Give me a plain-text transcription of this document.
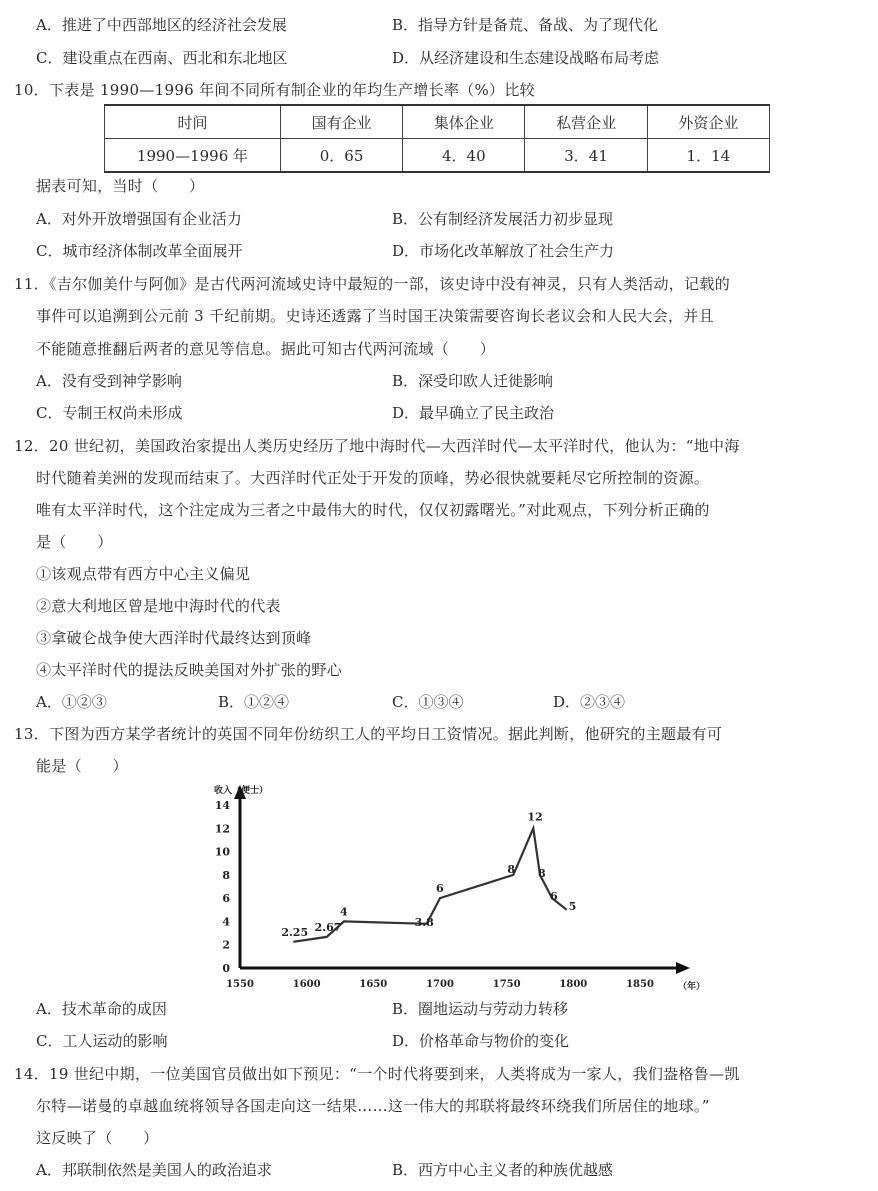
A．推进了中西部地区的经济社会发展	B．指导方针是备荒、备战、为了现代化
C．建设重点在西南、西北和东北地区	D．从经济建设和生态建设战略布局考虑
10．下表是 1990—1996 年间不同所有制企业的年均生产增长率（%）比较
时间	国有企业	集体企业	私营企业	外资企业
1990—1996 年	0．65	4．40	3．41	1．14
据表可知，当时（　　）
A．对外开放增强国有企业活力	B．公有制经济发展活力初步显现
C．城市经济体制改革全面展开	D．市场化改革解放了社会生产力
11．《吉尔伽美什与阿伽》是古代两河流域史诗中最短的一部，该史诗中没有神灵，只有人类活动，记载的
事件可以追溯到公元前 3 千纪前期。史诗还透露了当时国王决策需要咨询长老议会和人民大会，并且
不能随意推翻后两者的意见等信息。据此可知古代两河流域（　　）
A．没有受到神学影响	B．深受印欧人迁徙影响
C．专制王权尚未形成	D．最早确立了民主政治
12．20 世纪初，美国政治家提出人类历史经历了地中海时代—大西洋时代—太平洋时代，他认为：“地中海
时代随着美洲的发现而结束了。大西洋时代正处于开发的顶峰，势必很快就要耗尽它所控制的资源。
唯有太平洋时代，这个注定成为三者之中最伟大的时代，仅仅初露曙光。”对此观点，下列分析正确的
是（　　）
①该观点带有西方中心主义偏见
②意大利地区曾是地中海时代的代表
③拿破仑战争使大西洋时代最终达到顶峰
④太平洋时代的提法反映美国对外扩张的野心
A．①②③	B．①②④	C．①③④	D．②③④
13．下图为西方某学者统计的英国不同年份纺织工人的平均日工资情况。据此判断，他研究的主题最有可
能是（　　）
收入（便士）
0
2
4
6
8
10
12
14
1550	1600	1650	1700	1750	1800	1850	（年）
2.25 2.67
4
3.8
6
8
12
8
6
5
A．技术革命的成因	B．圈地运动与劳动力转移
C．工人运动的影响	D．价格革命与物价的变化
14．19 世纪中期，一位美国官员做出如下预见：“一个时代将要到来，人类将成为一家人，我们盎格鲁—凯
尔特—诺曼的卓越血统将领导各国走向这一结果……这一伟大的邦联将最终环绕我们所居住的地球。”
这反映了（　　）
A．邦联制依然是美国人的政治追求	B．西方中心主义者的种族优越感
